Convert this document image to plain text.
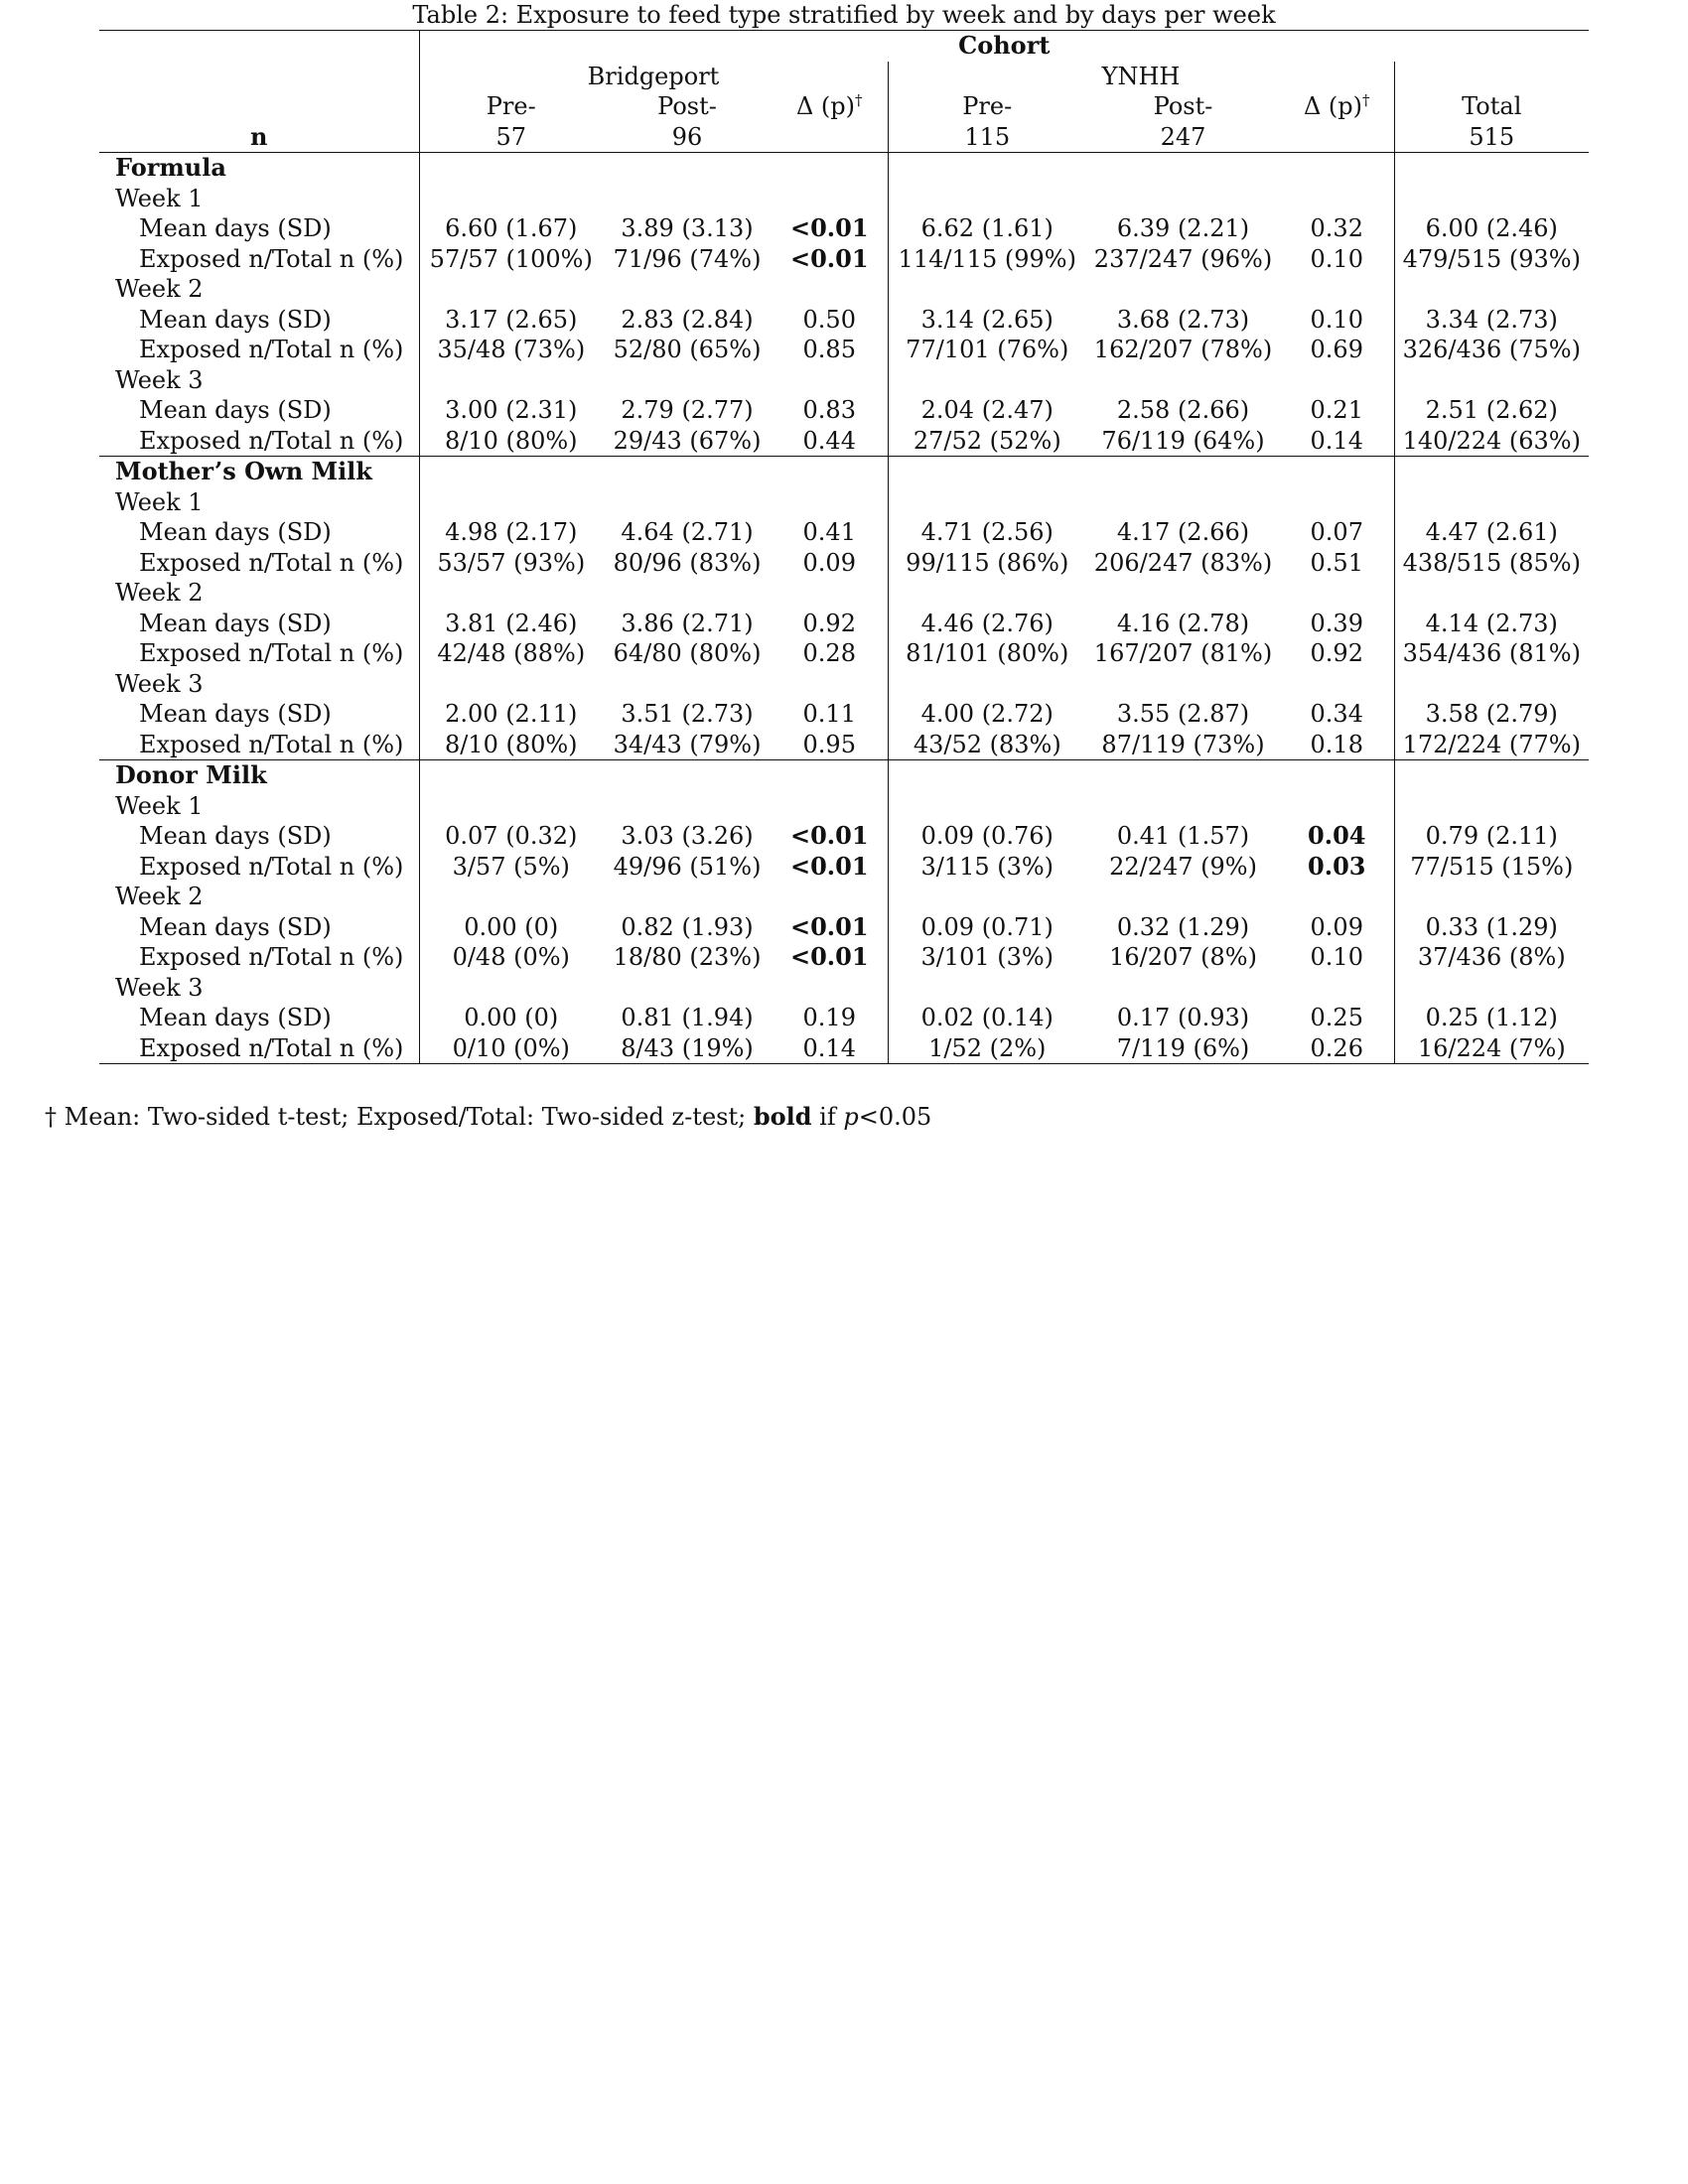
Table 2: Exposure to feed type stratified by week and by days per week
	Cohort						
	Bridgeport			YNHH			
	Pre-	Post-	Δ (p)†	Pre-	Post-	Δ (p)†	Total
n	57	96		115	247		515
Formula							
Week 1							
Mean days (SD)	6.60 (1.67)	3.89 (3.13)	<0.01	6.62 (1.61)	6.39 (2.21)	0.32	6.00 (2.46)
Exposed n/Total n (%)	57/57 (100%)	71/96 (74%)	<0.01	114/115 (99%)	237/247 (96%)	0.10	479/515 (93%)
Week 2							
Mean days (SD)	3.17 (2.65)	2.83 (2.84)	0.50	3.14 (2.65)	3.68 (2.73)	0.10	3.34 (2.73)
Exposed n/Total n (%)	35/48 (73%)	52/80 (65%)	0.85	77/101 (76%)	162/207 (78%)	0.69	326/436 (75%)
Week 3							
Mean days (SD)	3.00 (2.31)	2.79 (2.77)	0.83	2.04 (2.47)	2.58 (2.66)	0.21	2.51 (2.62)
Exposed n/Total n (%)	8/10 (80%)	29/43 (67%)	0.44	27/52 (52%)	76/119 (64%)	0.14	140/224 (63%)
Mother’s Own Milk							
Week 1							
Mean days (SD)	4.98 (2.17)	4.64 (2.71)	0.41	4.71 (2.56)	4.17 (2.66)	0.07	4.47 (2.61)
Exposed n/Total n (%)	53/57 (93%)	80/96 (83%)	0.09	99/115 (86%)	206/247 (83%)	0.51	438/515 (85%)
Week 2							
Mean days (SD)	3.81 (2.46)	3.86 (2.71)	0.92	4.46 (2.76)	4.16 (2.78)	0.39	4.14 (2.73)
Exposed n/Total n (%)	42/48 (88%)	64/80 (80%)	0.28	81/101 (80%)	167/207 (81%)	0.92	354/436 (81%)
Week 3							
Mean days (SD)	2.00 (2.11)	3.51 (2.73)	0.11	4.00 (2.72)	3.55 (2.87)	0.34	3.58 (2.79)
Exposed n/Total n (%)	8/10 (80%)	34/43 (79%)	0.95	43/52 (83%)	87/119 (73%)	0.18	172/224 (77%)
Donor Milk							
Week 1							
Mean days (SD)	0.07 (0.32)	3.03 (3.26)	<0.01	0.09 (0.76)	0.41 (1.57)	0.04	0.79 (2.11)
Exposed n/Total n (%)	3/57 (5%)	49/96 (51%)	<0.01	3/115 (3%)	22/247 (9%)	0.03	77/515 (15%)
Week 2							
Mean days (SD)	0.00 (0)	0.82 (1.93)	<0.01	0.09 (0.71)	0.32 (1.29)	0.09	0.33 (1.29)
Exposed n/Total n (%)	0/48 (0%)	18/80 (23%)	<0.01	3/101 (3%)	16/207 (8%)	0.10	37/436 (8%)
Week 3							
Mean days (SD)	0.00 (0)	0.81 (1.94)	0.19	0.02 (0.14)	0.17 (0.93)	0.25	0.25 (1.12)
Exposed n/Total n (%)	0/10 (0%)	8/43 (19%)	0.14	1/52 (2%)	7/119 (6%)	0.26	16/224 (7%)
† Mean: Two-sided t-test; Exposed/Total: Two-sided z-test; bold if p<0.05
